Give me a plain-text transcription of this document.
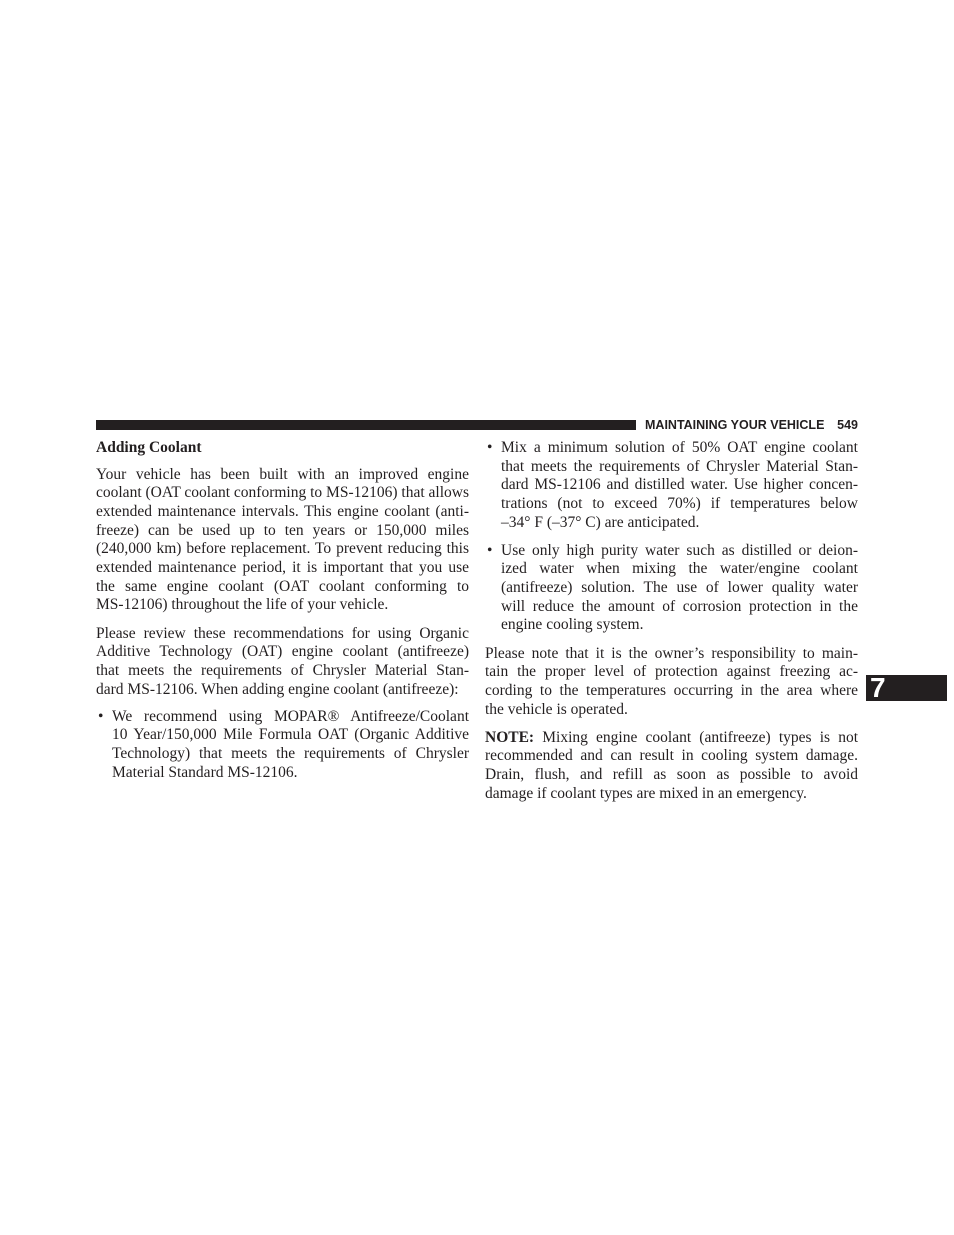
MAINTAINING YOUR VEHICLE 549
7
Adding Coolant
Your vehicle has been built with an improved engine
coolant (OAT coolant conforming to MS-12106) that allows
extended maintenance intervals. This engine coolant (anti-
freeze) can be used up to ten years or 150,000 miles
(240,000 km) before replacement. To prevent reducing this
extended maintenance period, it is important that you use
the same engine coolant (OAT coolant conforming to
MS-12106) throughout the life of your vehicle.
Please review these recommendations for using Organic
Additive Technology (OAT) engine coolant (antifreeze)
that meets the requirements of Chrysler Material Stan-
dard MS-12106. When adding engine coolant (antifreeze):
• We recommend using MOPAR® Antifreeze/Coolant
10 Year/150,000 Mile Formula OAT (Organic Additive
Technology) that meets the requirements of Chrysler
Material Standard MS-12106.
• Mix a minimum solution of 50% OAT engine coolant
that meets the requirements of Chrysler Material Stan-
dard MS-12106 and distilled water. Use higher concen-
trations (not to exceed 70%) if temperatures below
–34° F (–37° C) are anticipated.
• Use only high purity water such as distilled or deion-
ized water when mixing the water/engine coolant
(antifreeze) solution. The use of lower quality water
will reduce the amount of corrosion protection in the
engine cooling system.
Please note that it is the owner’s responsibility to main-
tain the proper level of protection against freezing ac-
cording to the temperatures occurring in the area where
the vehicle is operated.
NOTE: Mixing engine coolant (antifreeze) types is not
recommended and can result in cooling system damage.
Drain, flush, and refill as soon as possible to avoid
damage if coolant types are mixed in an emergency.
